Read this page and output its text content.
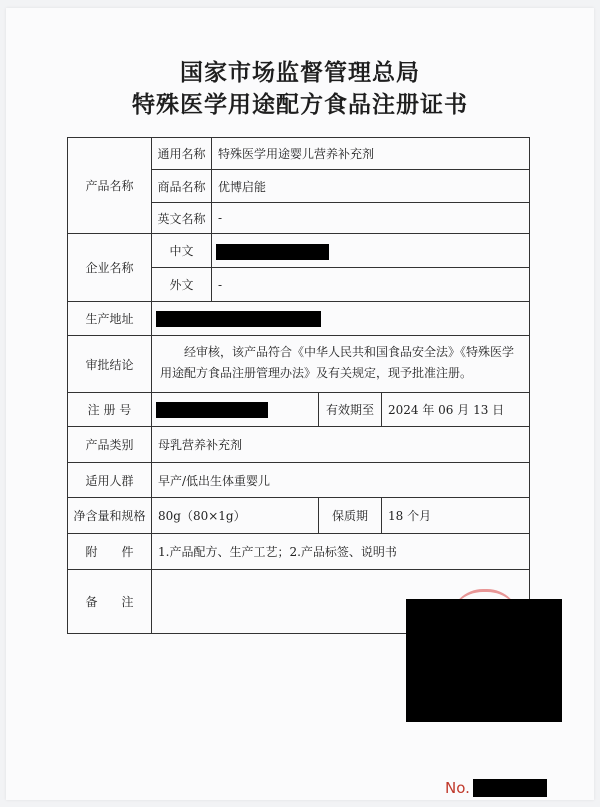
国家市场监督管理总局
特殊医学用途配方食品注册证书
产品名称
通用名称	特殊医学用途婴儿营养补充剂
商品名称	优博启能
英文名称	-
企业名称
中文
外文	-
生产地址
审批结论
经审核，该产品符合《中华人民共和国食品安全法》《特殊医学用途配方食品注册管理办法》及有关规定，现予批准注册。
注 册 号	有效期至	2024 年 06 月 13 日
产品类别	母乳营养补充剂
适用人群	早产/低出生体重婴儿
净含量和规格	80g（80×1g）	保质期	18 个月
附　　件	1.产品配方、生产工艺；2.产品标签、说明书
备　　注
No.
